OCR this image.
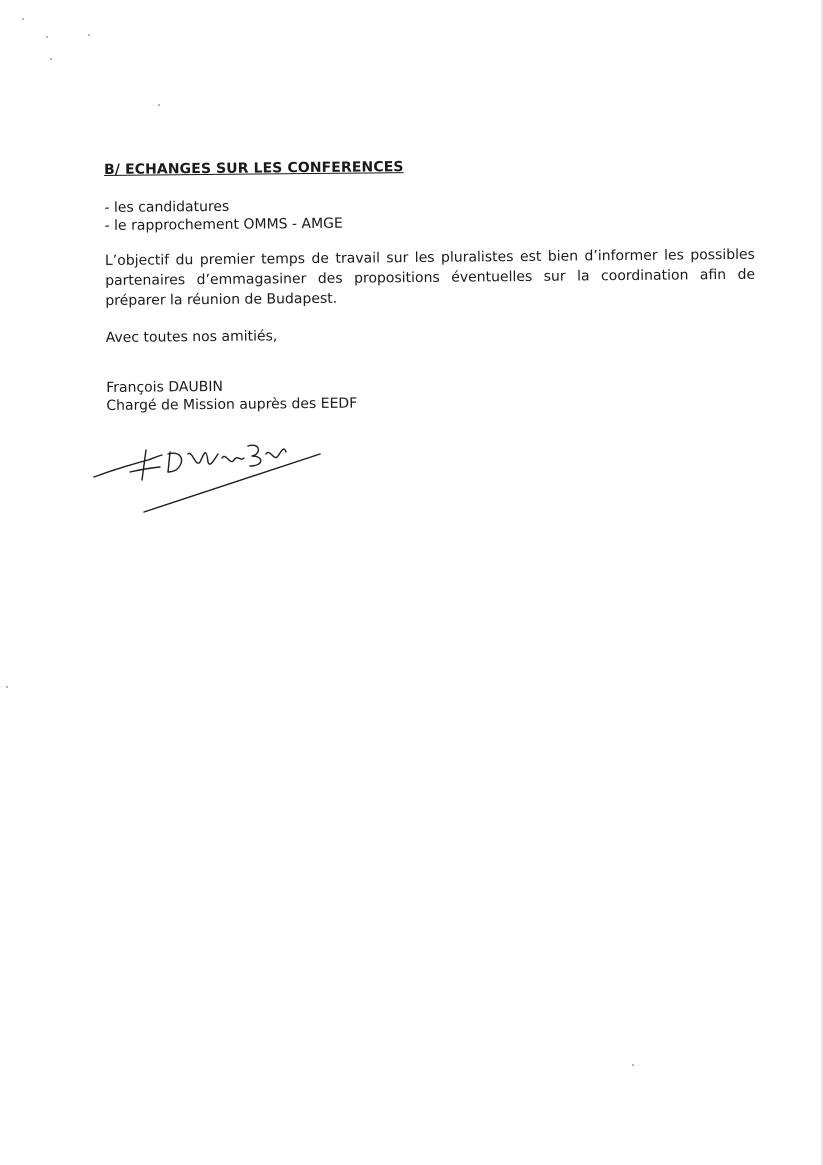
B/ ECHANGES SUR LES CONFERENCES
- les candidatures
- le rapprochement OMMS - AMGE

L’objectif du premier temps de travail sur les pluralistes est bien d’informer les possibles partenaires d’emmagasiner des propositions éventuelles sur la coordination afin de préparer la réunion de Budapest.

Avec toutes nos amitiés,

François DAUBIN
Chargé de Mission auprès des EEDF
